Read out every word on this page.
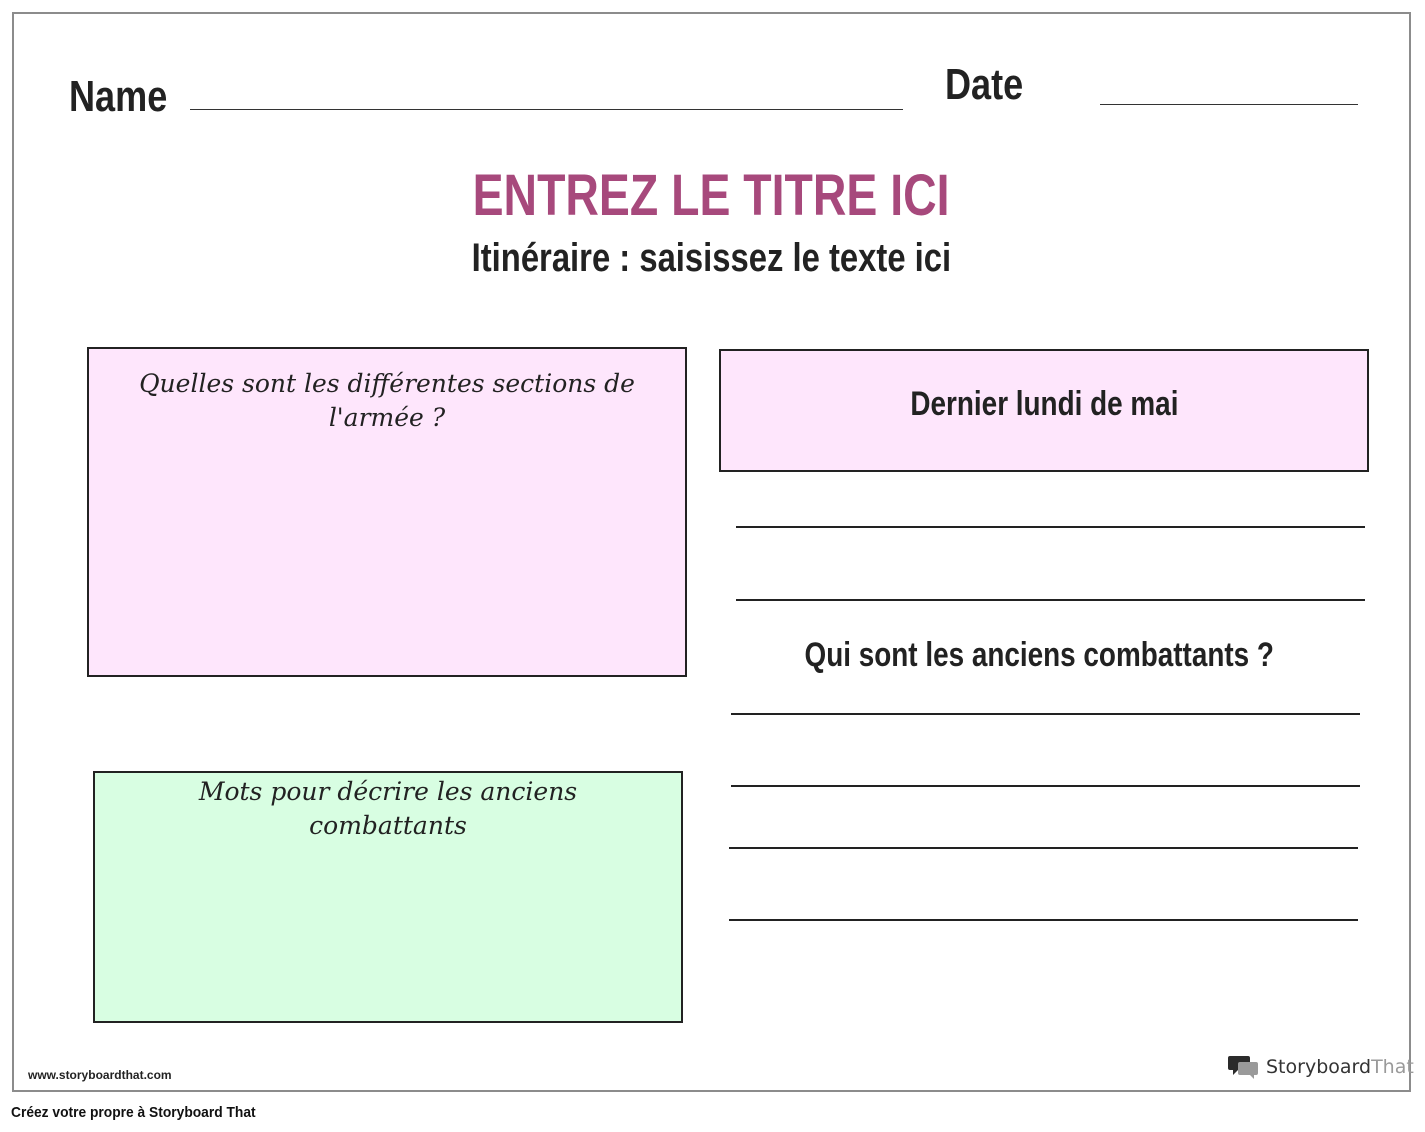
Name	Date
ENTREZ LE TITRE ICI
Itinéraire : saisissez le texte ici
Quelles sont les différentes sections de l'armée ?	Dernier lundi de mai
Qui sont les anciens combattants ?
Mots pour décrire les anciens combattants
www.storyboardthat.com	StoryboardThat
Créez votre propre à Storyboard That
